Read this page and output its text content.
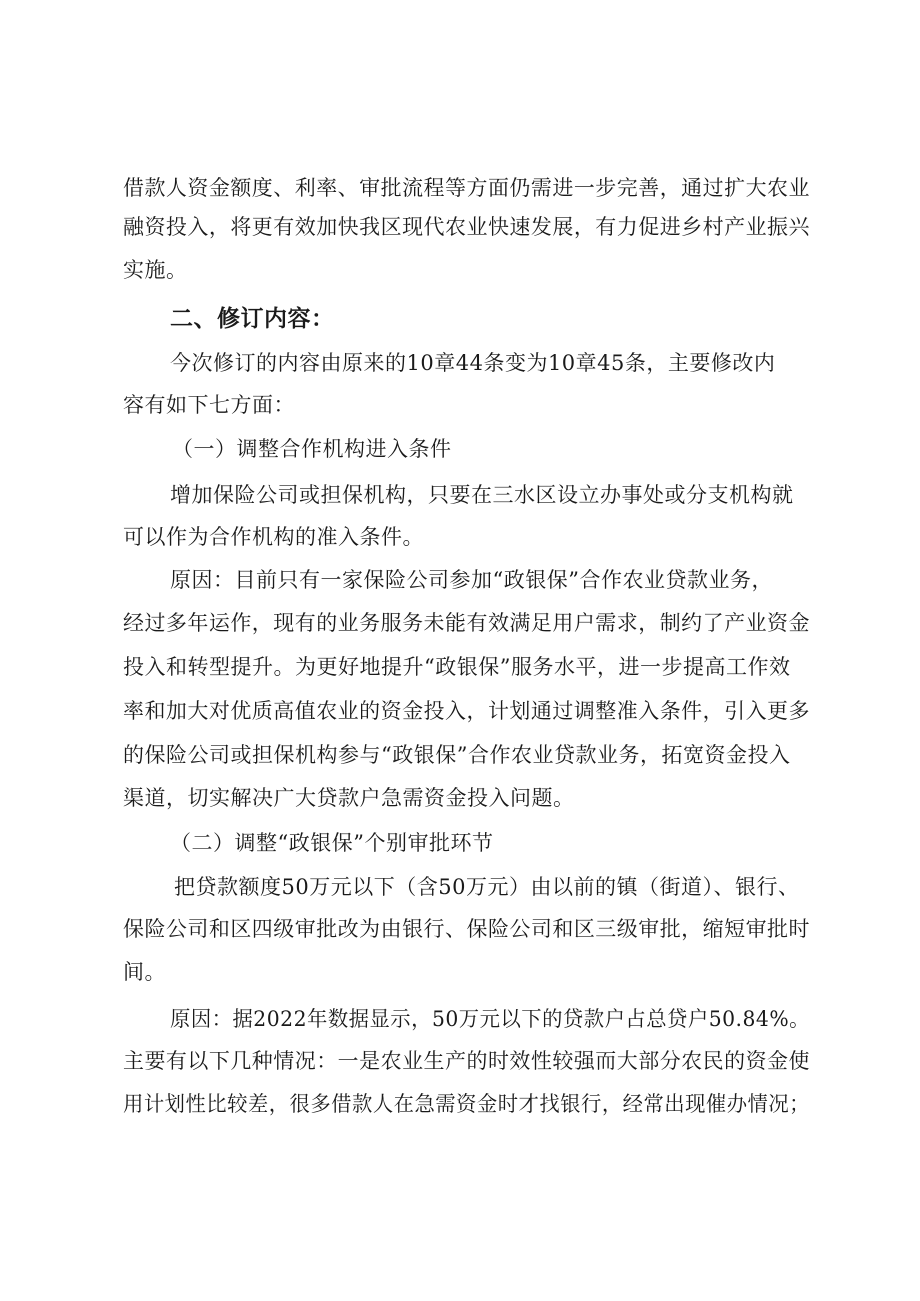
借款人资金额度、利率、审批流程等方面仍需进一步完善，通过扩大农业
融资投入，将更有效加快我区现代农业快速发展，有力促进乡村产业振兴
实施。
二、修订内容：
今次修订的内容由原来的10章44条变为10章45条，主要修改内
容有如下七方面：
（一）调整合作机构进入条件
增加保险公司或担保机构，只要在三水区设立办事处或分支机构就
可以作为合作机构的准入条件。
原因：目前只有一家保险公司参加“政银保”合作农业贷款业务，
经过多年运作，现有的业务服务未能有效满足用户需求，制约了产业资金
投入和转型提升。为更好地提升“政银保”服务水平，进一步提高工作效
率和加大对优质高值农业的资金投入，计划通过调整准入条件，引入更多
的保险公司或担保机构参与“政银保”合作农业贷款业务，拓宽资金投入
渠道，切实解决广大贷款户急需资金投入问题。
（二）调整“政银保”个别审批环节
把贷款额度50万元以下（含50万元）由以前的镇（街道）、银行、
保险公司和区四级审批改为由银行、保险公司和区三级审批，缩短审批时
间。
原因：据2022年数据显示，50万元以下的贷款户占总贷户50.84%。
主要有以下几种情况：一是农业生产的时效性较强而大部分农民的资金使
用计划性比较差，很多借款人在急需资金时才找银行，经常出现催办情况；
